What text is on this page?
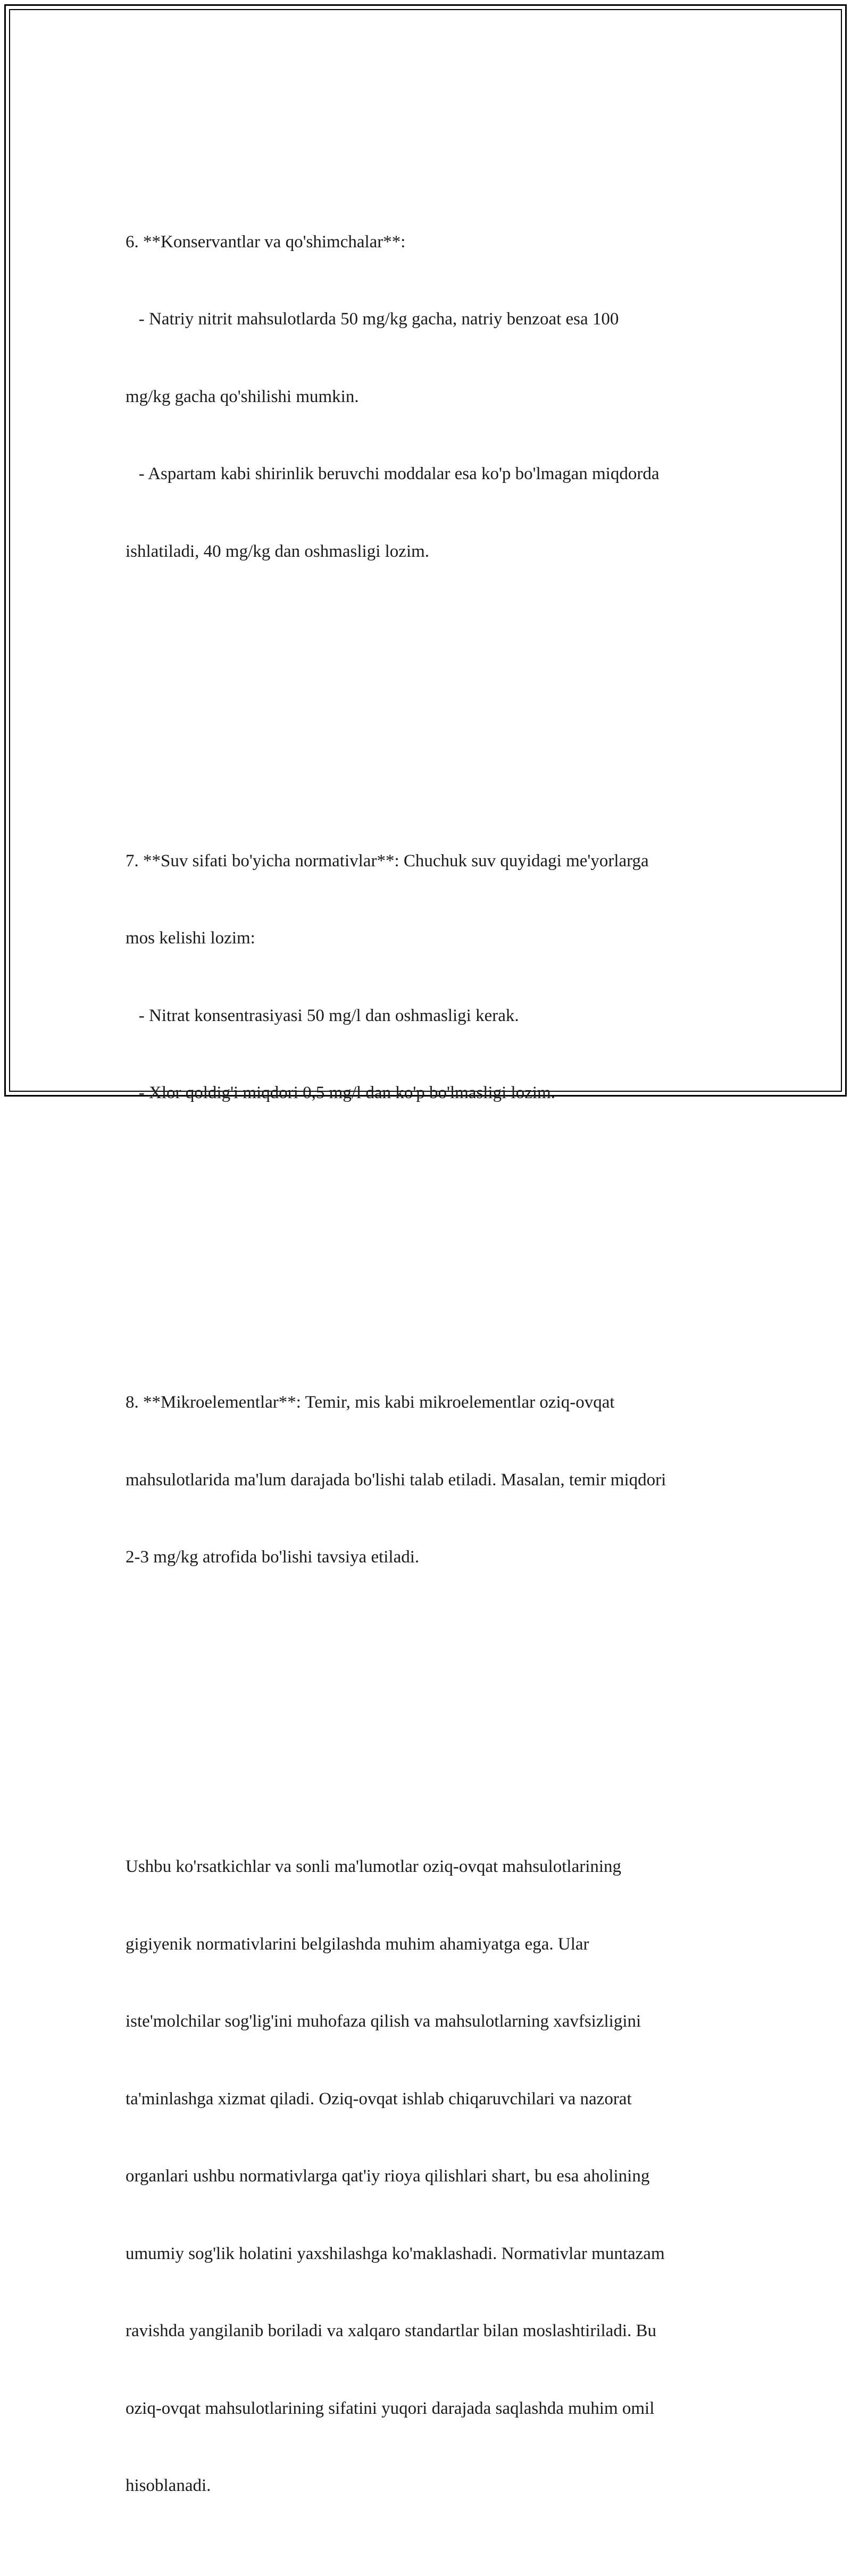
6. **Konservantlar va qo'shimchalar**:

- Natriy nitrit mahsulotlarda 50 mg/kg gacha, natriy benzoat esa 100

mg/kg gacha qo'shilishi mumkin.

- Aspartam kabi shirinlik beruvchi moddalar esa ko'p bo'lmagan miqdorda

ishlatiladi, 40 mg/kg dan oshmasligi lozim.

7. **Suv sifati bo'yicha normativlar**: Chuchuk suv quyidagi me'yorlarga

mos kelishi lozim:

- Nitrat konsentrasiyasi 50 mg/l dan oshmasligi kerak.

- Xlor qoldig'i miqdori 0,5 mg/l dan ko'p bo'lmasligi lozim.

8. **Mikroelementlar**: Temir, mis kabi mikroelementlar oziq-ovqat

mahsulotlarida ma'lum darajada bo'lishi talab etiladi. Masalan, temir miqdori

2-3 mg/kg atrofida bo'lishi tavsiya etiladi.

Ushbu ko'rsatkichlar va sonli ma'lumotlar oziq-ovqat mahsulotlarining

gigiyenik normativlarini belgilashda muhim ahamiyatga ega. Ular

iste'molchilar sog'lig'ini muhofaza qilish va mahsulotlarning xavfsizligini

ta'minlashga xizmat qiladi. Oziq-ovqat ishlab chiqaruvchilari va nazorat

organlari ushbu normativlarga qat'iy rioya qilishlari shart, bu esa aholining

umumiy sog'lik holatini yaxshilashga ko'maklashadi. Normativlar muntazam

ravishda yangilanib boriladi va xalqaro standartlar bilan moslashtiriladi. Bu

oziq-ovqat mahsulotlarining sifatini yuqori darajada saqlashda muhim omil

hisoblanadi.
